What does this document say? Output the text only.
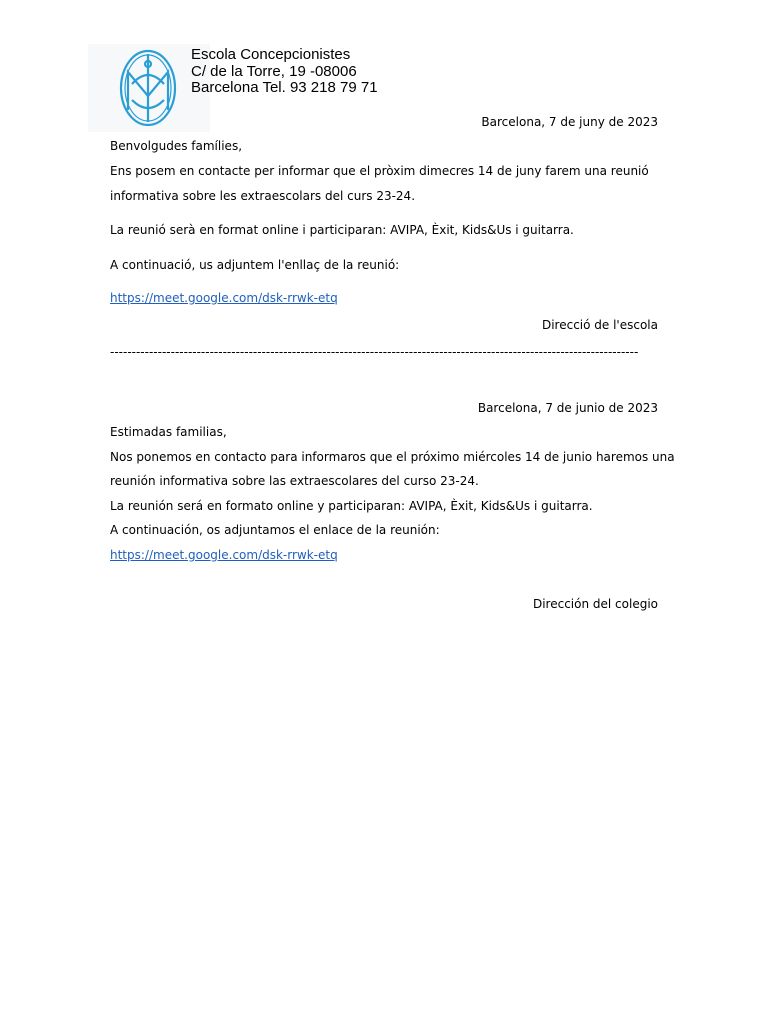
Escola Concepcionistes
C/ de la Torre, 19 -08006
Barcelona Tel. 93 218 79 71
Barcelona, 7 de juny de 2023
Benvolgudes famílies,
Ens posem en contacte per informar que el pròxim dimecres 14 de juny farem una reunió
informativa sobre les extraescolars del curs 23-24.
La reunió serà en format online i participaran: AVIPA, Èxit, Kids&Us i guitarra.
A continuació, us adjuntem l'enllaç de la reunió:
https://meet.google.com/dsk-rrwk-etq
Direcció de l'escola
--------------------------------------------------------------------------------------------------------------------------
Barcelona, 7 de junio de 2023
Estimadas familias,
Nos ponemos en contacto para informaros que el próximo miércoles 14 de junio haremos una
reunión informativa sobre las extraescolares del curso 23-24.
La reunión será en formato online y participaran: AVIPA, Èxit, Kids&Us i guitarra.
A continuación, os adjuntamos el enlace de la reunión:
https://meet.google.com/dsk-rrwk-etq
Dirección del colegio
